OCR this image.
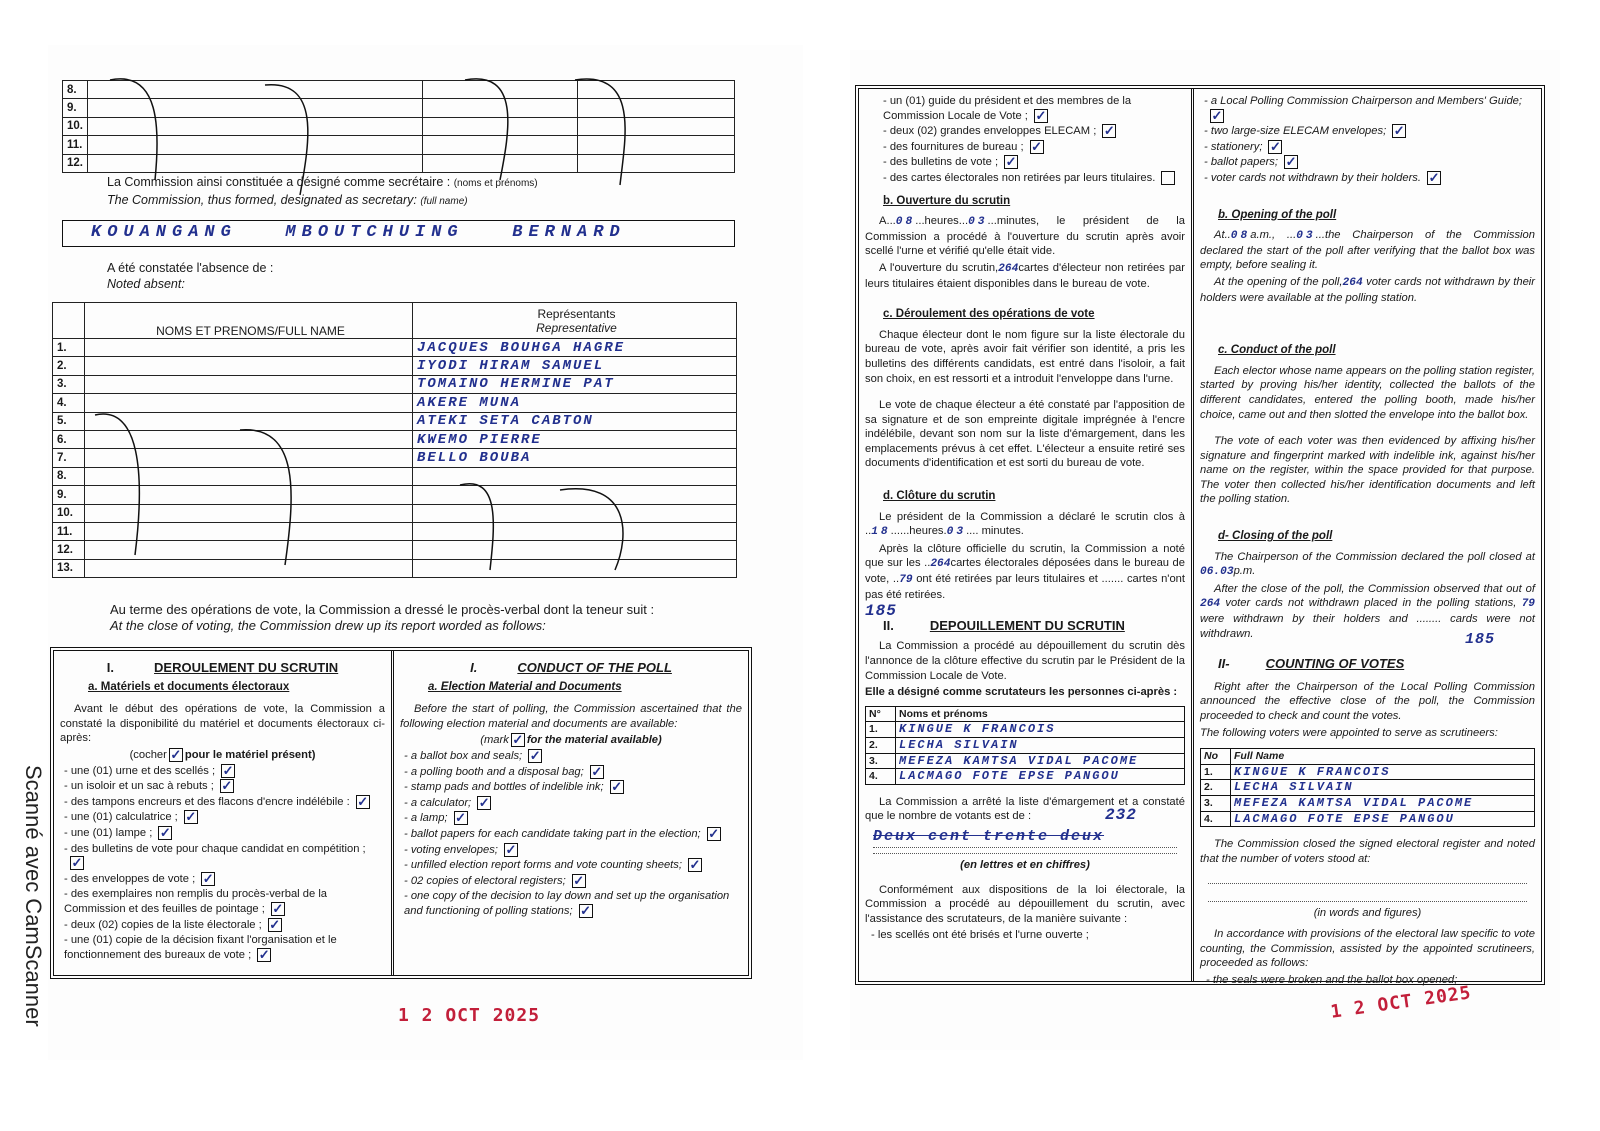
8.			
9.			
10.			
11.			
12.			
La Commission ainsi constituée a désigné comme secrétaire : (noms et prénoms)
The Commission, thus formed, designated as secretary: (full name)
KOUANGANG   MBOUTCHUING   BERNARD
A été constatée l'absence de :
Noted absent:
	NOMS ET PRENOMS/FULL NAME	Représentants
Representative

1.		JACQUES BOUHGA HAGRE
2.		IYODI HIRAM SAMUEL
3.		TOMAINO HERMINE PAT
4.		AKERE MUNA
5.		ATEKI SETA CABTON
6.		KWEMO PIERRE
7.		BELLO BOUBA
8.		
9.		
10.		
11.		
12.		
13.		
Au terme des opérations de vote, la Commission a dressé le procès-verbal dont la teneur suit :
At the close of voting, the Commission drew up its report worded as follows:
I.	DEROULEMENT DU SCRUTIN
a. Matériels et documents électoraux

Avant le début des opérations de vote, la Commission a constaté la disponibilité du matériel et documents électoraux ci-après:

(cocher ✓ pour le matériel présent)
- une (01) urne et des scellés ; ✓
- un isoloir et un sac à rebuts ; ✓
- des tampons encreurs et des flacons d'encre indélébile : ✓
- une (01) calculatrice ; ✓
- une (01) lampe ; ✓
- des bulletins de vote pour chaque candidat en compétition ;✓
- des enveloppes de vote ; ✓
- des exemplaires non remplis du procès-verbal de la Commission et des feuilles de pointage ; ✓
- deux (02) copies de la liste électorale ; ✓
- une (01) copie de la décision fixant l'organisation et le fonctionnement des bureaux de vote ; ✓
I.	CONDUCT OF THE POLL
a. Election Material and Documents

Before the start of polling, the Commission ascertained that the following election material and documents are available:

(mark ✓ for the material available)
- a ballot box and seals; ✓
- a polling booth and a disposal bag; ✓
- stamp pads and bottles of indelible ink; ✓
- a calculator; ✓
- a lamp; ✓
- ballot papers for each candidate taking part in the election; ✓
- voting envelopes; ✓
- unfilled election report forms and vote counting sheets; ✓
- 02 copies of electoral registers; ✓
- one copy of the decision to lay down and set up the organisation and functioning of polling stations; ✓
1 2 OCT 2025
Scanné avec CamScanner
- un (01) guide du président et des membres de la Commission Locale de Vote ; ✓
- deux (02) grandes enveloppes ELECAM ; ✓
- des fournitures de bureau ; ✓
- des bulletins de vote ; ✓
- des cartes électorales non retirées par leurs titulaires.
b. Ouverture du scrutin

A...08...heures...03...minutes, le président de la Commission a procédé à l'ouverture du scrutin après avoir scellé l'urne et vérifié qu'elle était vide.

A l'ouverture du scrutin,264cartes d'électeur non retirées par leurs titulaires étaient disponibles dans le bureau de vote.

c. Déroulement des opérations de vote

Chaque électeur dont le nom figure sur la liste électorale du bureau de vote, après avoir fait vérifier son identité, a pris les bulletins des différents candidats, est entré dans l'isoloir, a fait son choix, en est ressorti et a introduit l'enveloppe dans l'urne.

Le vote de chaque électeur a été constaté par l'apposition de sa signature et de son empreinte digitale imprégnée à l'encre indélébile, devant son nom sur la liste d'émargement, dans les emplacements prévus à cet effet. L'électeur a ensuite retiré ses documents d'identification et est sorti du bureau de vote.

d. Clôture du scrutin

Le président de la Commission a déclaré le scrutin clos à ..18......heures.03.... minutes.

Après la clôture officielle du scrutin, la Commission a noté que sur les ..264cartes électorales déposées dans le bureau de vote, ..79 ont été retirées par leurs titulaires et ....... cartes n'ont pas été retirées.

185
II.	DEPOUILLEMENT DU SCRUTIN

La Commission a procédé au dépouillement du scrutin dès l'annonce de la clôture effective du scrutin par le Président de la Commission Locale de Vote.

Elle a désigné comme scrutateurs les personnes ci-après :
N°	Noms et prénoms
1.	KINGUE K FRANCOIS
2.	LECHA SILVAIN
3.	MEFEZA KAMTSA VIDAL PACOME
4.	LACMAGO FOTE EPSE PANGOU

La Commission a arrêté la liste d'émargement et a constaté que le nombre de votants est de :	232
Deux cent trente deux
(en lettres et en chiffres)

Conformément aux dispositions de la loi électorale, la Commission a procédé au dépouillement du scrutin, avec l'assistance des scrutateurs, de la manière suivante :

- les scellés ont été brisés et l'urne ouverte ;
- a Local Polling Commission Chairperson and Members' Guide;✓
- two large-size ELECAM envelopes; ✓
- stationery; ✓
- ballot papers; ✓
- voter cards not withdrawn by their holders. ✓
b. Opening of the poll

At..08a.m., ...03...the Chairperson of the Commission declared the start of the poll after verifying that the ballot box was empty, before sealing it.

At the opening of the poll,264 voter cards not withdrawn by their holders were available at the polling station.

c. Conduct of the poll

Each elector whose name appears on the polling station register, started by proving his/her identity, collected the ballots of the different candidates, entered the polling booth, made his/her choice, came out and then slotted the envelope into the ballot box.

The vote of each voter was then evidenced by affixing his/her signature and fingerprint marked with indelible ink, against his/her name on the register, within the space provided for that purpose. The voter then collected his/her identification documents and left the polling station.

d- Closing of the poll

The Chairperson of the Commission declared the poll closed at 06.03p.m.

After the close of the poll, the Commission observed that out of 264 voter cards not withdrawn placed in the polling stations, 79 were withdrawn by their holders and ........ cards were not withdrawn.	185
II-	COUNTING OF VOTES

Right after the Chairperson of the Local Polling Commission announced the effective close of the poll, the Commission proceeded to check and count the votes.

The following voters were appointed to serve as scrutineers:
No	Full Name
1.	KINGUE K FRANCOIS
2.	LECHA SILVAIN
3.	MEFEZA KAMTSA VIDAL PACOME
4.	LACMAGO FOTE EPSE PANGOU

The Commission closed the signed electoral register and noted that the number of voters stood at:

(in words and figures)

In accordance with provisions of the electoral law specific to vote counting, the Commission, assisted by the appointed scrutineers, proceeded as follows:

- the seals were broken and the ballot box opened;
1 2 OCT 2025
